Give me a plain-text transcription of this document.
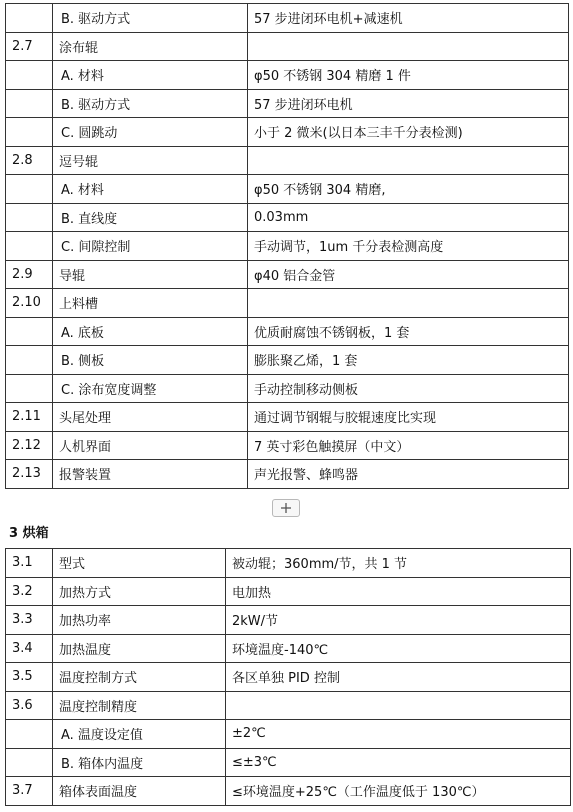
	B. 驱动方式	57 步进闭环电机+减速机
2.7	涂布辊	
	A. 材料	φ50 不锈钢 304 精磨 1 件
	B. 驱动方式	57 步进闭环电机
	C. 圆跳动	小于 2 微米(以日本三丰千分表检测)
2.8	逗号辊	
	A. 材料	φ50 不锈钢 304 精磨,
	B. 直线度	0.03mm
	C. 间隙控制	手动调节，1um 千分表检测高度
2.9	导辊	φ40 铝合金管
2.10	上料槽	
	A. 底板	优质耐腐蚀不锈钢板，1 套
	B. 侧板	膨胀聚乙烯，1 套
	C. 涂布宽度调整	手动控制移动侧板
2.11	头尾处理	通过调节钢辊与胶辊速度比实现
2.12	人机界面	7 英寸彩色触摸屏（中文）
2.13	报警装置	声光报警、蜂鸣器
3 烘箱
3.1	型式	被动辊；360mm/节，共 1 节
3.2	加热方式	电加热
3.3	加热功率	2kW/节
3.4	加热温度	环境温度-140℃
3.5	温度控制方式	各区单独 PID 控制
3.6	温度控制精度	
	A. 温度设定值	±2℃
	B. 箱体内温度	≤±3℃
3.7	箱体表面温度	≤环境温度+25℃（工作温度低于 130℃）
